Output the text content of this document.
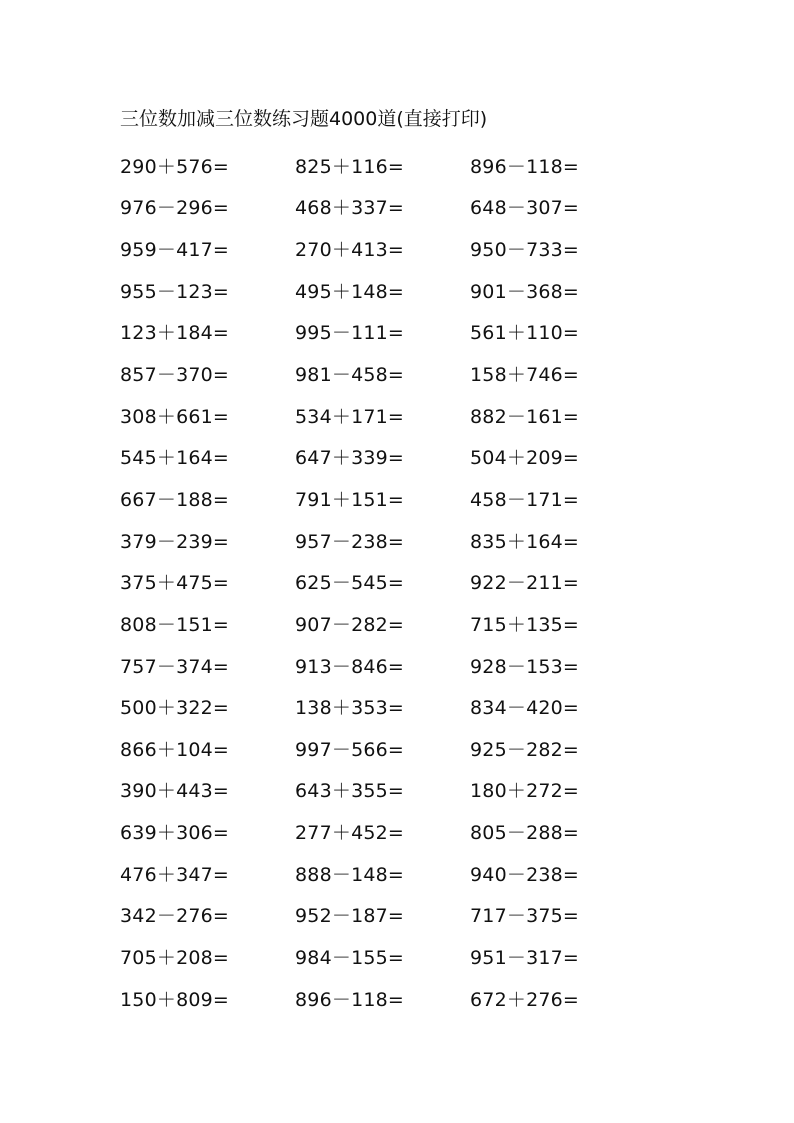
三位数加减三位数练习题4000道(直接打印)
290＋576=	825＋116=	896－118=
976－296=	468＋337=	648－307=
959－417=	270＋413=	950－733=
955－123=	495＋148=	901－368=
123＋184=	995－111=	561＋110=
857－370=	981－458=	158＋746=
308＋661=	534＋171=	882－161=
545＋164=	647＋339=	504＋209=
667－188=	791＋151=	458－171=
379－239=	957－238=	835＋164=
375＋475=	625－545=	922－211=
808－151=	907－282=	715＋135=
757－374=	913－846=	928－153=
500＋322=	138＋353=	834－420=
866＋104=	997－566=	925－282=
390＋443=	643＋355=	180＋272=
639＋306=	277＋452=	805－288=
476＋347=	888－148=	940－238=
342－276=	952－187=	717－375=
705＋208=	984－155=	951－317=
150＋809=	896－118=	672＋276=
